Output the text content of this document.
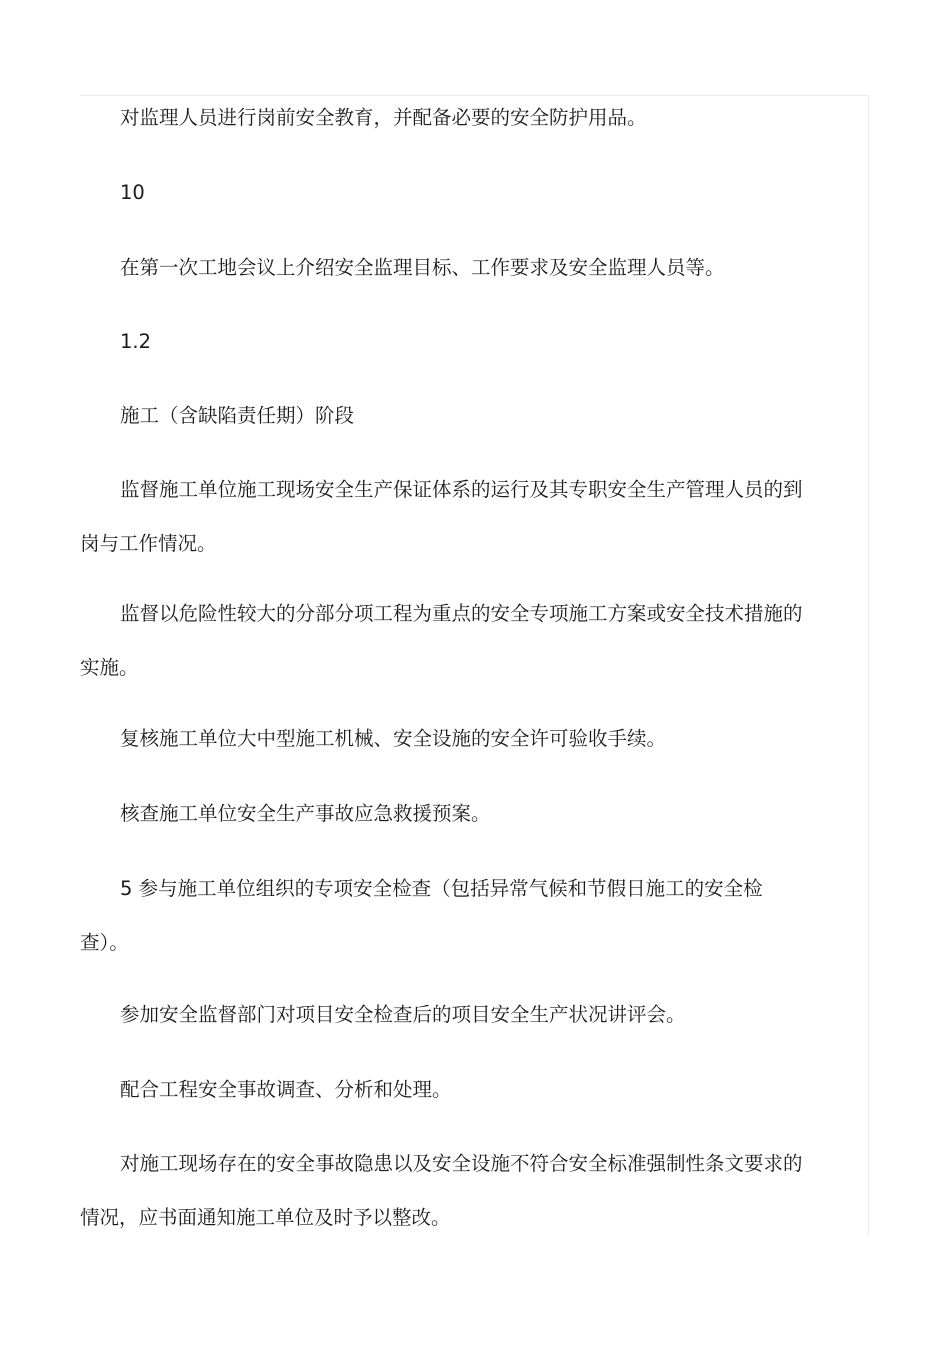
对监理人员进行岗前安全教育，并配备必要的安全防护用品。

10

在第一次工地会议上介绍安全监理目标、工作要求及安全监理人员等。

1.2

施工（含缺陷责任期）阶段

监督施工单位施工现场安全生产保证体系的运行及其专职安全生产管理人员的到岗与工作情况。

监督以危险性较大的分部分项工程为重点的安全专项施工方案或安全技术措施的实施。

复核施工单位大中型施工机械、安全设施的安全许可验收手续。

核查施工单位安全生产事故应急救援预案。

5 参与施工单位组织的专项安全检查（包括异常气候和节假日施工的安全检查）。

参加安全监督部门对项目安全检查后的项目安全生产状况讲评会。

配合工程安全事故调查、分析和处理。

对施工现场存在的安全事故隐患以及安全设施不符合安全标准强制性条文要求的情况，应书面通知施工单位及时予以整改。
